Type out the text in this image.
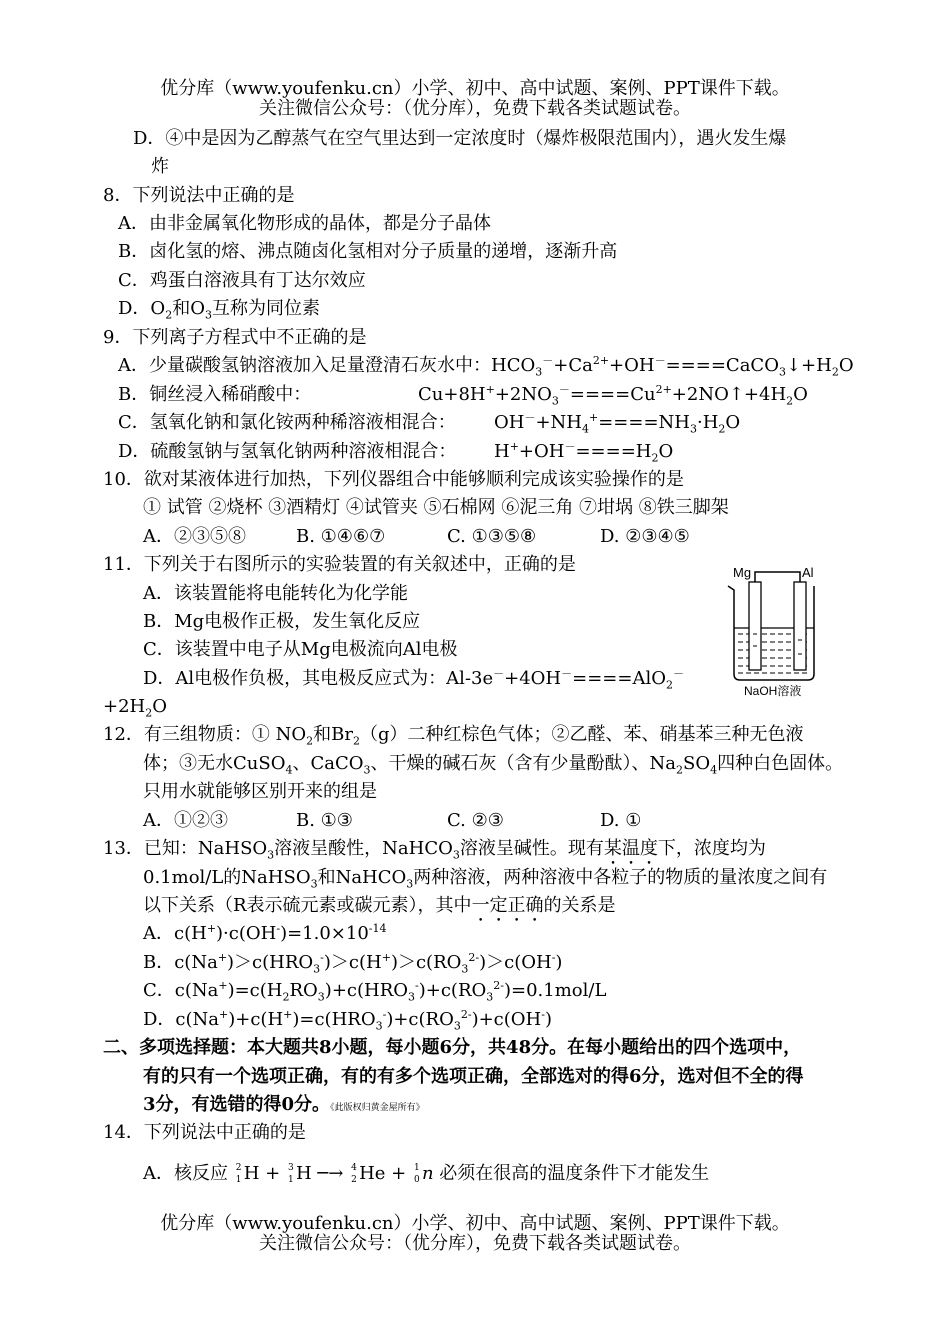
优分库（www.youfenku.cn）小学、初中、高中试题、案例、PPT课件下载。
关注微信公众号：（优分库），免费下载各类试题试卷。
D．④中是因为乙醇蒸气在空气里达到一定浓度时（爆炸极限范围内），遇火发生爆
炸
8．下列说法中正确的是
A．由非金属氧化物形成的晶体，都是分子晶体
B．卤化氢的熔、沸点随卤化氢相对分子质量的递增，逐渐升高
C．鸡蛋白溶液具有丁达尔效应
D．$O_2$和$O_3$互称为同位素
9．下列离子方程式中不正确的是
A．少量碳酸氢钠溶液加入足量澄清石灰水中：$HCO_3^-+Ca^{2+}+OH^-====CaCO_3↓+H_2O$
B．铜丝浸入稀硝酸中：	$Cu+8H^++2NO_3^-====Cu^{2+}+2NO↑+4H_2O$
C．氢氧化钠和氯化铵两种稀溶液相混合： $OH^-+NH_4^+====NH_3\cdot H_2O$
D．硫酸氢钠与氢氧化钠两种溶液相混合： $H^++OH^-====H_2O$
10．欲对某液体进行加热，下列仪器组合中能够顺利完成该实验操作的是
① 试管 ②烧杯 ③酒精灯 ④试管夹 ⑤石棉网 ⑥泥三角 ⑦坩埚 ⑧铁三脚架
A．②③⑤⑧	B. ①④⑥⑦	C. ①③⑤⑧	D. ②③④⑤
11．下列关于右图所示的实验装置的有关叙述中，正确的是
A．该装置能将电能转化为化学能
B．Mg电极作正极，发生氧化反应
C．该装置中电子从Mg电极流向Al电极
D．Al电极作负极，其电极反应式为：Al-3e－+4OH－====AlO$_2$－
$+2H_2O$
Mg	Al
NaOH溶液
12．有三组物质：① $NO_2$和$Br_2(g)$二种红棕色气体；②乙醛、苯、硝基苯三种无色液
体；③无水CuSO$_4$、CaCO$_3$、干燥的碱石灰（含有少量酚酞）、$Na_2SO_4$四种白色固体。
只用水就能够区别开来的组是
A．①②③	B. ①③	C. ②③	D. ①
13．已知：NaHSO$_3$溶液呈酸性，NaHCO$_3$溶液呈碱性。现有某温度下，浓度均为
0.1mol/L的NaHSO$_3$和NaHCO$_3$两种溶液，两种溶液中各粒子的物质的量浓度之间有
以下关系（R表示硫元素或碳元素），其中一定正确的关系是
A．$c(H^+)\cdot c(OH^-)=1.0\times 10^{-14}$
B．$c(Na^+)>c(HRO_3^-)>c(H^+)>c(RO_3^{2-})>c(OH^-)$
C．$c(Na^+)=c(H_2RO_3)+c(HRO_3^-)+c(RO_3^{2-})=0.1mol/L$
D．$c(Na^+)+c(H^+)=c(HRO_3^-)+c(RO_3^{2-})+c(OH^-)$
二、多项选择题：本大题共8小题，每小题6分，共48分。在每小题给出的四个选项中，
有的只有一个选项正确，有的有多个选项正确，全部选对的得6分，选对但不全的得
3分，有选错的得0分。《此版权归黄金屋所有》
14．下列说法中正确的是
A．核反应 2
1 H + 3
1 H ─→ 4
2 He + 1
0 n 必须在很高的温度条件下才能发生
优分库（www.youfenku.cn）小学、初中、高中试题、案例、PPT课件下载。
关注微信公众号：（优分库），免费下载各类试题试卷。
